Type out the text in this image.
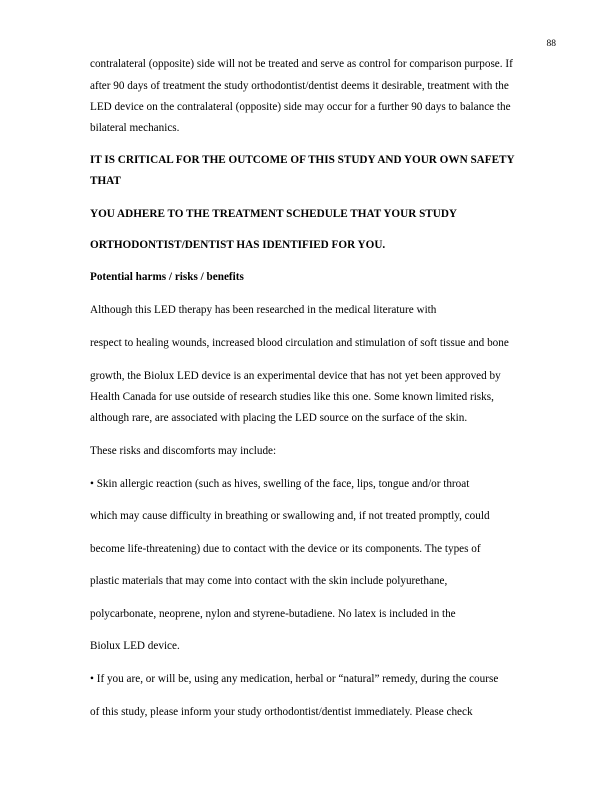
88
contralateral (opposite) side will not be treated and serve as control for comparison purpose. If
after 90 days of treatment the study orthodontist/dentist deems it desirable, treatment with the
LED device on the contralateral (opposite) side may occur for a further 90 days to balance the
bilateral mechanics.
IT IS CRITICAL FOR THE OUTCOME OF THIS STUDY AND YOUR OWN SAFETY
THAT
YOU ADHERE TO THE TREATMENT SCHEDULE THAT YOUR STUDY
ORTHODONTIST/DENTIST HAS IDENTIFIED FOR YOU.
Potential harms / risks / benefits
Although this LED therapy has been researched in the medical literature with
respect to healing wounds, increased blood circulation and stimulation of soft tissue and bone
growth, the Biolux LED device is an experimental device that has not yet been approved by
Health Canada for use outside of research studies like this one. Some known limited risks,
although rare, are associated with placing the LED source on the surface of the skin.
These risks and discomforts may include:
• Skin allergic reaction (such as hives, swelling of the face, lips, tongue and/or throat
which may cause difficulty in breathing or swallowing and, if not treated promptly, could
become life-threatening) due to contact with the device or its components. The types of
plastic materials that may come into contact with the skin include polyurethane,
polycarbonate, neoprene, nylon and styrene-butadiene. No latex is included in the
Biolux LED device.
• If you are, or will be, using any medication, herbal or “natural” remedy, during the course
of this study, please inform your study orthodontist/dentist immediately. Please check
